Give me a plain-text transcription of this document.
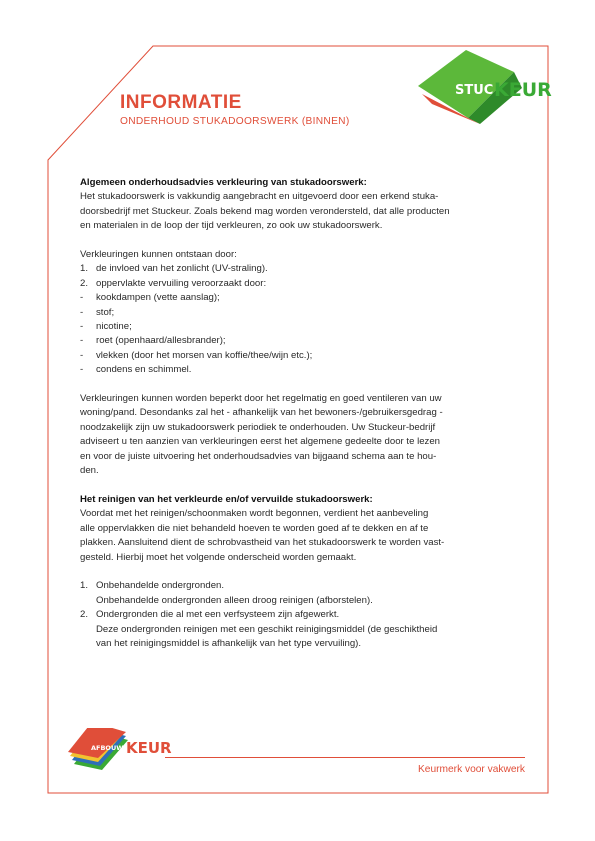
STUC KEUR
INFORMATIE
ONDERHOUD STUKADOORSWERK (BINNEN)
Algemeen onderhoudsadvies verkleuring van stukadoorswerk:

Het stukadoorswerk is vakkundig aangebracht en uitgevoerd door een erkend stuka-

doorsbedrijf met Stuckeur. Zoals bekend mag worden verondersteld, dat alle producten

en materialen in de loop der tijd verkleuren, zo ook uw stukadoorswerk.

Verkleuringen kunnen ontstaan door:

1. de invloed van het zonlicht (UV-straling).
2. oppervlakte vervuiling veroorzaakt door:
-	kookdampen (vette aanslag);
-	stof;
-	nicotine;
-	roet (openhaard/allesbrander);
-	vlekken (door het morsen van koffie/thee/wijn etc.);
-	condens en schimmel.

Verkleuringen kunnen worden beperkt door het regelmatig en goed ventileren van uw

woning/pand. Desondanks zal het - afhankelijk van het bewoners-/gebruikersgedrag -

noodzakelijk zijn uw stukadoorswerk periodiek te onderhouden. Uw Stuckeur-bedrijf

adviseert u ten aanzien van verkleuringen eerst het algemene gedeelte door te lezen

en voor de juiste uitvoering het onderhoudsadvies van bijgaand schema aan te hou-

den.

Het reinigen van het verkleurde en/of vervuilde stukadoorswerk:

Voordat met het reinigen/schoonmaken wordt begonnen, verdient het aanbeveling

alle oppervlakken die niet behandeld hoeven te worden goed af te dekken en af te

plakken. Aansluitend dient de schrobvastheid van het stukadoorswerk te worden vast-

gesteld. Hierbij moet het volgende onderscheid worden gemaakt.

1. Onbehandelde ondergronden.
Onbehandelde ondergronden alleen droog reinigen (afborstelen).
2. Ondergronden die al met een verfsysteem zijn afgewerkt.
Deze ondergronden reinigen met een geschikt reinigingsmiddel (de geschiktheid
van het reinigingsmiddel is afhankelijk van het type vervuiling).
AFBOUW KEUR
Keurmerk voor vakwerk
